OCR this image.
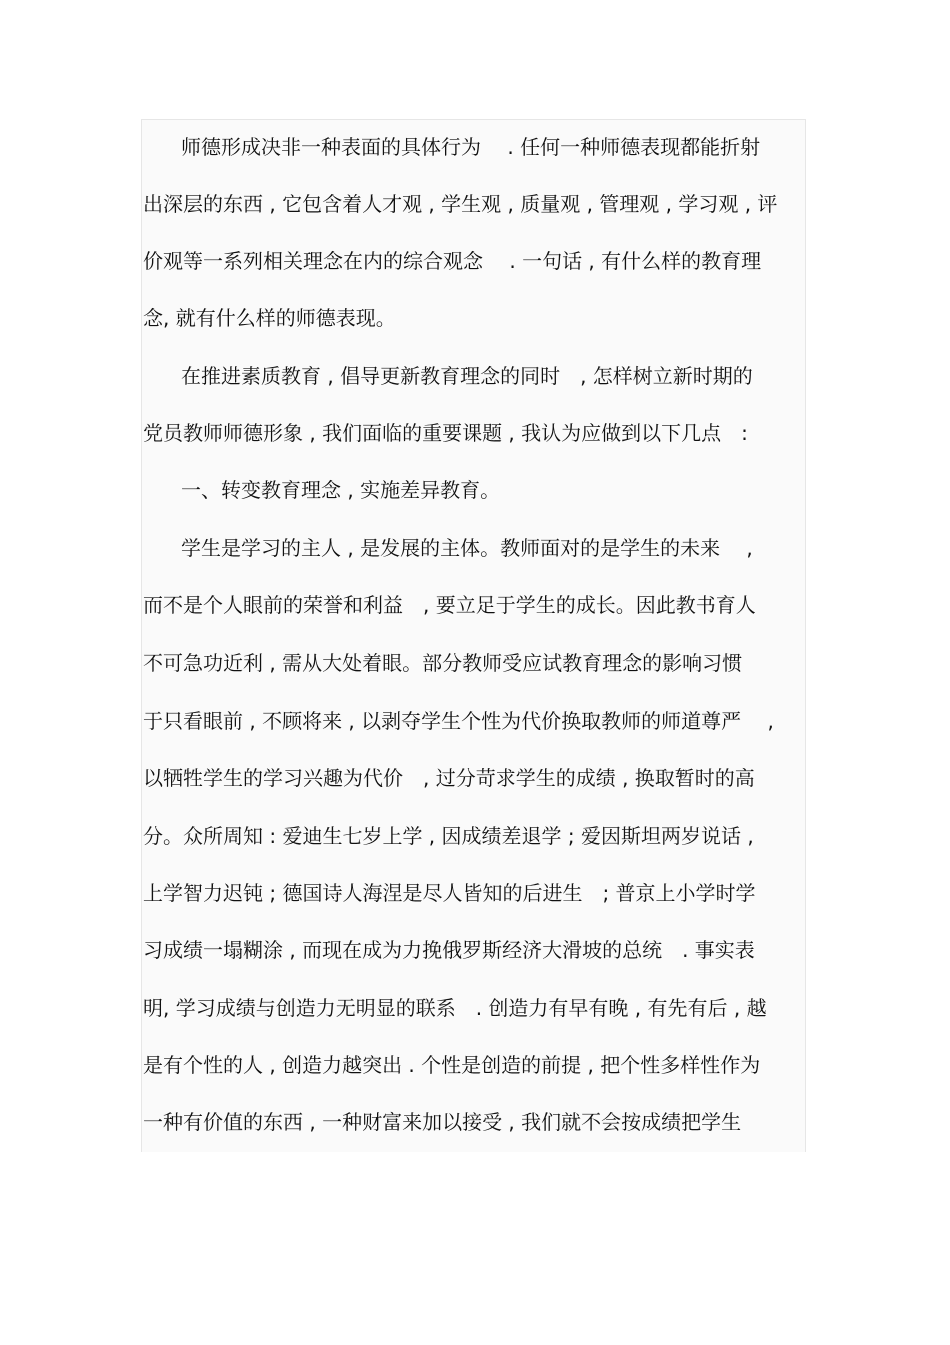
师德形成决非一种表面的具体行为　 . 任何一种师德表现都能折射
出深层的东西 , 它包含着人才观 , 学生观 , 质量观 , 管理观 , 学习观 , 评
价观等一系列相关理念在内的综合观念　 . 一句话 , 有什么样的教育理
念, 就有什么样的师德表现。
在推进素质教育 , 倡导更新教育理念的同时　, 怎样树立新时期的
党员教师师德形象 , 我们面临的重要课题 , 我认为应做到以下几点　:
一、转变教育理念 , 实施差异教育。
学生是学习的主人 , 是发展的主体。教师面对的是学生的未来　 ,
而不是个人眼前的荣誉和利益　, 要立足于学生的成长。因此教书育人
不可急功近利 , 需从大处着眼。部分教师受应试教育理念的影响习惯
于只看眼前 , 不顾将来 , 以剥夺学生个性为代价换取教师的师道尊严　 ,
以牺牲学生的学习兴趣为代价　, 过分苛求学生的成绩 , 换取暂时的高
分。众所周知 : 爱迪生七岁上学 , 因成绩差退学 ; 爱因斯坦两岁说话 ,
上学智力迟钝 ; 德国诗人海涅是尽人皆知的后进生　; 普京上小学时学
习成绩一塌糊涂 , 而现在成为力挽俄罗斯经济大滑坡的总统　. 事实表
明, 学习成绩与创造力无明显的联系　. 创造力有早有晚 , 有先有后 , 越
是有个性的人 , 创造力越突出 . 个性是创造的前提 , 把个性多样性作为
一种有价值的东西 , 一种财富来加以接受 , 我们就不会按成绩把学生
